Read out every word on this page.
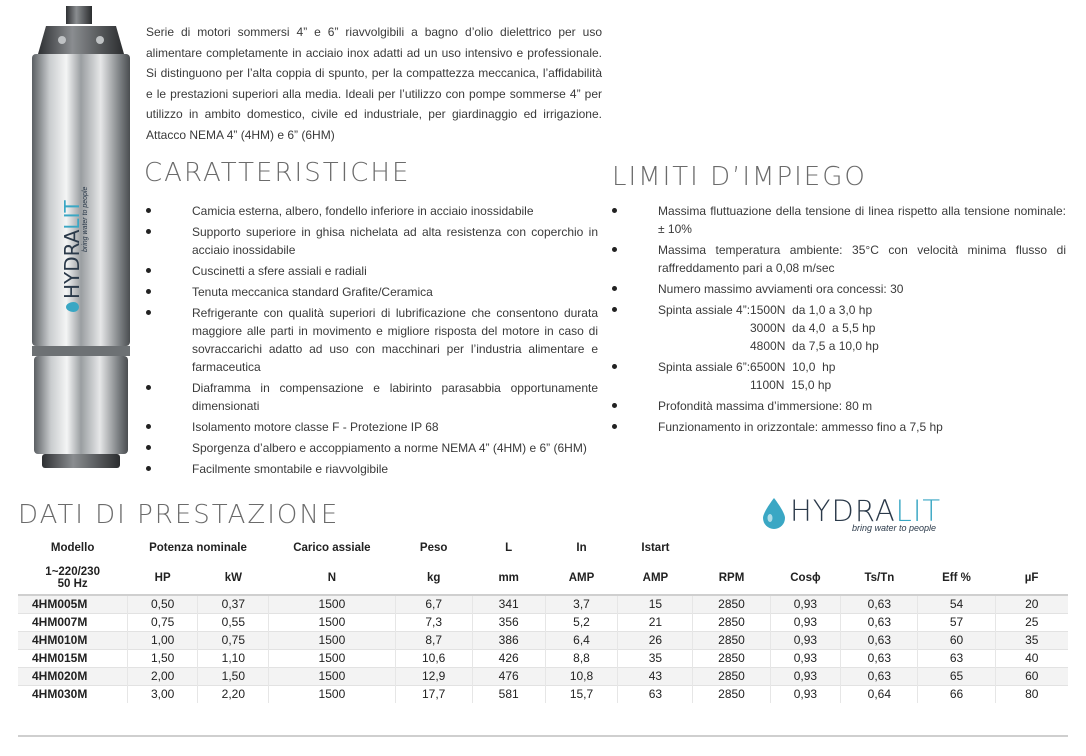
HYDRALIT
bring water to people

Serie di motori sommersi 4” e 6” riavvolgibili a bagno d’olio dielettrico per uso alimentare completamente in acciaio inox adatti ad un uso intensivo e professionale. Si distinguono per l’alta coppia di spunto, per la compattezza meccanica, l’affidabilità e le prestazioni superiori alla media. Ideali per l’utilizzo con pompe sommerse 4” per utilizzo in ambito domestico, civile ed industriale, per giardinaggio ed irrigazione. Attacco NEMA 4” (4HM) e 6” (6HM)

CARATTERISTICHE	LIMITI D’IMPIEGO
DATI DI PRESTAZIONE
Camicia esterna, albero, fondello inferiore in acciaio inossidabile
Supporto superiore in ghisa nichelata ad alta resistenza con coperchio in acciaio inossidabile
Cuscinetti a sfere assiali e radiali
Tenuta meccanica standard Grafite/Ceramica
Refrigerante con qualità superiori di lubrificazione che consentono durata maggiore alle parti in movimento e migliore risposta del motore in caso di sovraccarichi adatto ad uso con macchinari per l’industria alimentare e farmaceutica
Diaframma in compensazione e labirinto parasabbia opportunamente dimensionati
Isolamento motore classe F - Protezione IP 68
Sporgenza d’albero e accoppiamento a norme NEMA 4” (4HM) e 6” (6HM)
Facilmente smontabile e riavvolgibile
Massima fluttuazione della tensione di linea rispetto alla tensione nominale: ± 10%
Massima temperatura ambiente: 35°C con velocità minima flusso di raffreddamento pari a 0,08 m/sec
Numero massimo avviamenti ora concessi: 30
Spinta assiale 4”:1500N  da 1,0 a 3,0 hp
3000N  da 4,0  a 5,5 hp
4800N  da 7,5 a 10,0 hp
Spinta assiale 6”:6500N  10,0  hp
1100N  15,0 hp
Profondità massima d’immersione: 80 m
Funzionamento in orizzontale: ammesso fino a 7,5 hp
HYDRALIT
bring water to people
Modello	Potenza nominale		Carico assiale	Peso	L	In	Istart					
1~220/230
50 Hz	HP	kW	N	kg	mm	AMP	AMP	RPM	Cosϕ	Ts/Tn	Eff %	µF
4HM005M	0,50	0,37	1500	6,7	341	3,7	15	2850	0,93	0,63	54	20
4HM007M	0,75	0,55	1500	7,3	356	5,2	21	2850	0,93	0,63	57	25
4HM010M	1,00	0,75	1500	8,7	386	6,4	26	2850	0,93	0,63	60	35
4HM015M	1,50	1,10	1500	10,6	426	8,8	35	2850	0,93	0,63	63	40
4HM020M	2,00	1,50	1500	12,9	476	10,8	43	2850	0,93	0,63	65	60
4HM030M	3,00	2,20	1500	17,7	581	15,7	63	2850	0,93	0,64	66	80
